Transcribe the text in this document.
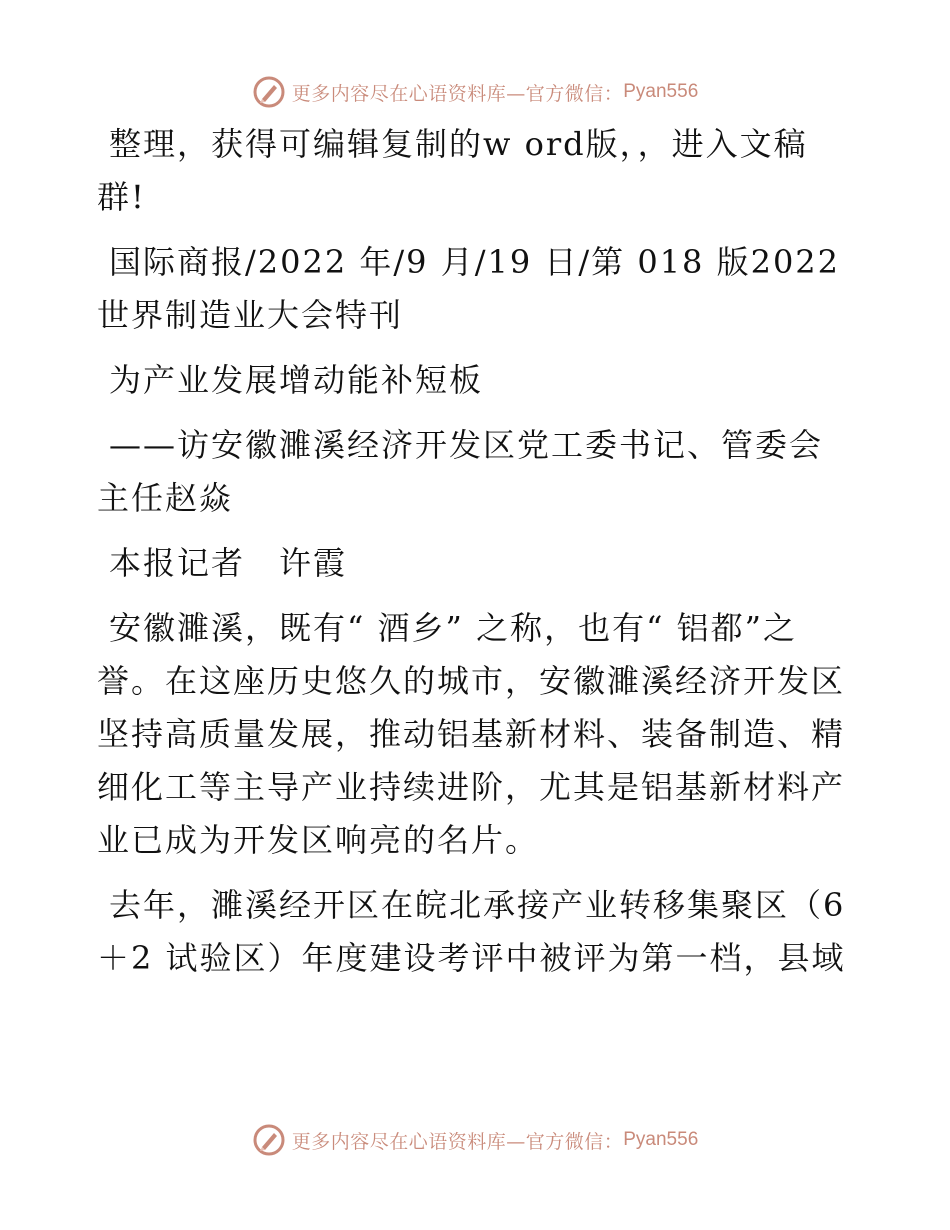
更多内容尽在心语资料库—官方微信： Pyan556

整理，获得可编辑复制的w ord版，，进入文稿群!

国际商报/2022 年/9 月/19 日/第 018 版2022世界制造业大会特刊

为产业发展增动能补短板

——访安徽濉溪经济开发区党工委书记、管委会主任赵焱

本报记者　许霞

安徽濉溪，既有“ 酒乡” 之称，也有“ 铝都”之誉。在这座历史悠久的城市，安徽濉溪经济开发区坚持高质量发展，推动铝基新材料、装备制造、精细化工等主导产业持续进阶，尤其是铝基新材料产业已成为开发区响亮的名片。

去年，濉溪经开区在皖北承接产业转移集聚区（6＋2 试验区）年度建设考评中被评为第一档，县域

更多内容尽在心语资料库—官方微信： Pyan556
